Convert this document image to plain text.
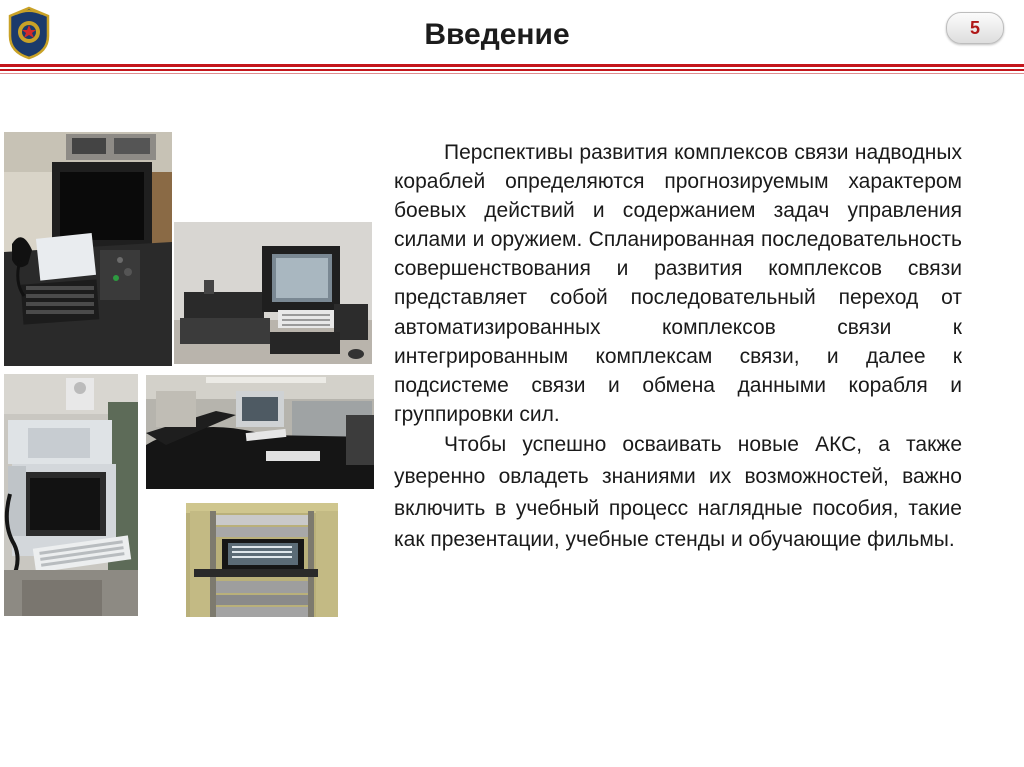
Введение	5

Перспективы развития комплексов связи надводных кораблей определяются прогнозируемым характером боевых действий и содержанием задач управления силами и оружием. Спланированная последовательность совершенствования и развития комплексов связи представляет собой последовательный переход от автоматизированных комплексов связи к интегрированным комплексам связи, и далее к подсистеме связи и обмена данными корабля и группировки сил.

Чтобы успешно осваивать новые АКС, а также уверенно овладеть знаниями их возможностей, важно включить в учебный процесс наглядные пособия, такие как презентации, учебные стенды и обучающие фильмы.
